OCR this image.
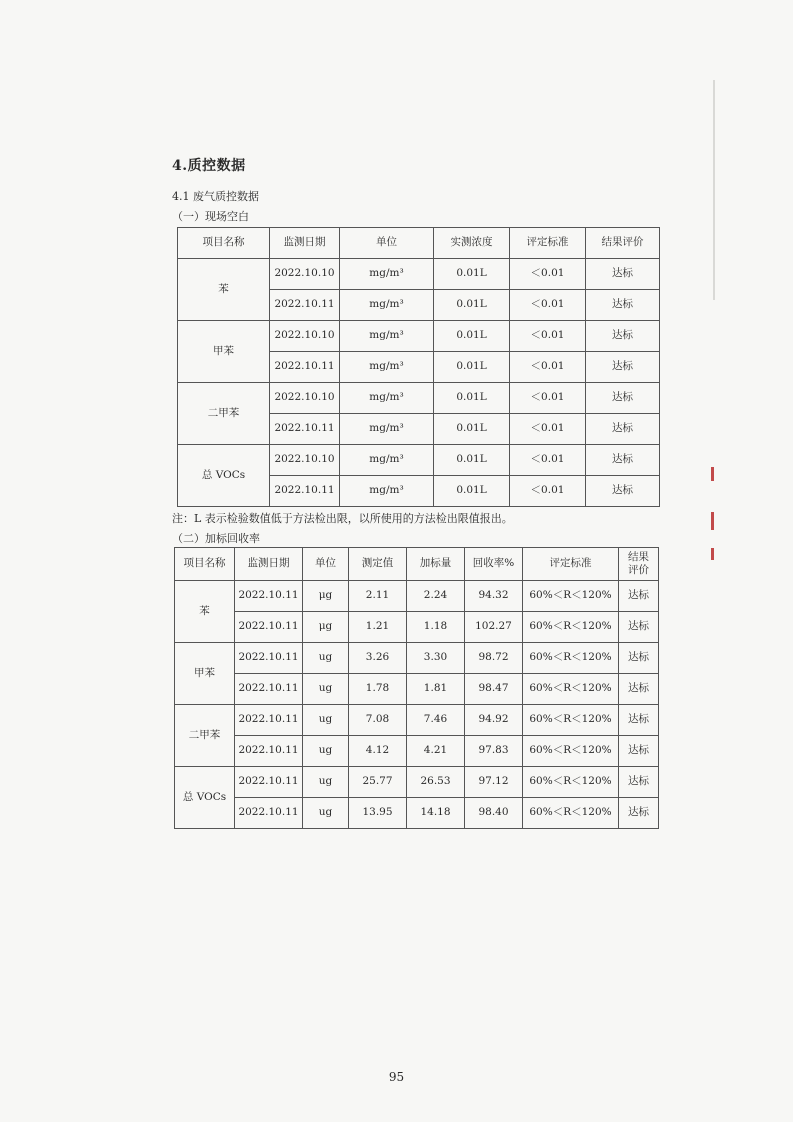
4.质控数据
4.1 废气质控数据
（一）现场空白
项目名称	监测日期	单位	实测浓度	评定标准	结果评价
苯	2022.10.10	mg/m³	0.01L	＜0.01	达标
	2022.10.11	mg/m³	0.01L	＜0.01	达标
甲苯	2022.10.10	mg/m³	0.01L	＜0.01	达标
	2022.10.11	mg/m³	0.01L	＜0.01	达标
二甲苯	2022.10.10	mg/m³	0.01L	＜0.01	达标
	2022.10.11	mg/m³	0.01L	＜0.01	达标
总 VOCs	2022.10.10	mg/m³	0.01L	＜0.01	达标
	2022.10.11	mg/m³	0.01L	＜0.01	达标
注：L 表示检验数值低于方法检出限，以所使用的方法检出限值报出。
（二）加标回收率
项目名称	监测日期	单位	测定值	加标量	回收率%	评定标准	结果评价
苯	2022.10.11	μg	2.11	2.24	94.32	60%＜R＜120%	达标
	2022.10.11	μg	1.21	1.18	102.27	60%＜R＜120%	达标
甲苯	2022.10.11	ug	3.26	3.30	98.72	60%＜R＜120%	达标
	2022.10.11	ug	1.78	1.81	98.47	60%＜R＜120%	达标
二甲苯	2022.10.11	ug	7.08	7.46	94.92	60%＜R＜120%	达标
	2022.10.11	ug	4.12	4.21	97.83	60%＜R＜120%	达标
总 VOCs	2022.10.11	ug	25.77	26.53	97.12	60%＜R＜120%	达标
	2022.10.11	ug	13.95	14.18	98.40	60%＜R＜120%	达标
95
